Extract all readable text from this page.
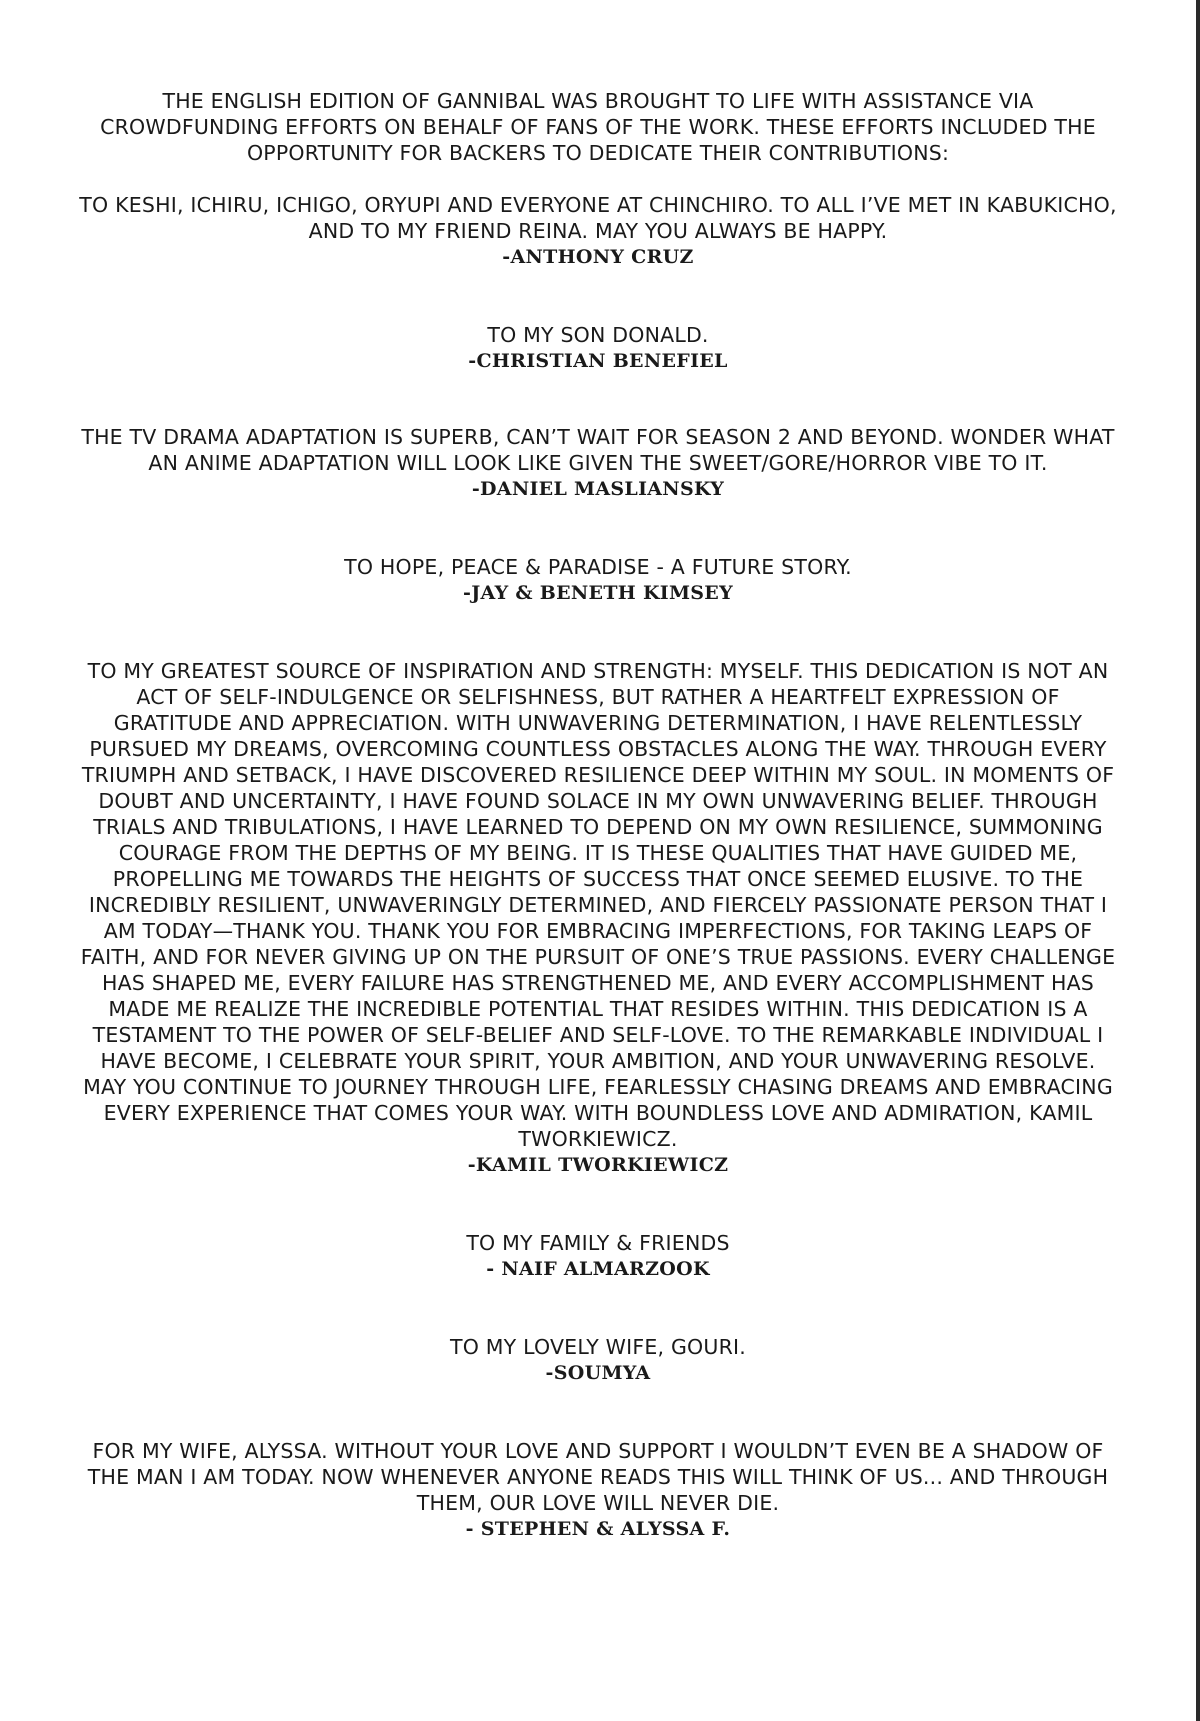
THE ENGLISH EDITION OF GANNIBAL WAS BROUGHT TO LIFE WITH ASSISTANCE VIA CROWDFUNDING EFFORTS ON BEHALF OF FANS OF THE WORK. THESE EFFORTS INCLUDED THE OPPORTUNITY FOR BACKERS TO DEDICATE THEIR CONTRIBUTIONS:

TO KESHI, ICHIRU, ICHIGO, ORYUPI AND EVERYONE AT CHINCHIRO. TO ALL I’VE MET IN KABUKICHO, AND TO MY FRIEND REINA. MAY YOU ALWAYS BE HAPPY.

-ANTHONY CRUZ

TO MY SON DONALD.

-CHRISTIAN BENEFIEL

THE TV DRAMA ADAPTATION IS SUPERB, CAN’T WAIT FOR SEASON 2 AND BEYOND. WONDER WHAT AN ANIME ADAPTATION WILL LOOK LIKE GIVEN THE SWEET/GORE/HORROR VIBE TO IT.

-DANIEL MASLIANSKY

TO HOPE, PEACE & PARADISE - A FUTURE STORY.

-JAY & BENETH KIMSEY

TO MY GREATEST SOURCE OF INSPIRATION AND STRENGTH: MYSELF. THIS DEDICATION IS NOT AN ACT OF SELF-INDULGENCE OR SELFISHNESS, BUT RATHER A HEARTFELT EXPRESSION OF GRATITUDE AND APPRECIATION. WITH UNWAVERING DETERMINATION, I HAVE RELENTLESSLY PURSUED MY DREAMS, OVERCOMING COUNTLESS OBSTACLES ALONG THE WAY. THROUGH EVERY TRIUMPH AND SETBACK, I HAVE DISCOVERED RESILIENCE DEEP WITHIN MY SOUL. IN MOMENTS OF DOUBT AND UNCERTAINTY, I HAVE FOUND SOLACE IN MY OWN UNWAVERING BELIEF. THROUGH TRIALS AND TRIBULATIONS, I HAVE LEARNED TO DEPEND ON MY OWN RESILIENCE, SUMMONING COURAGE FROM THE DEPTHS OF MY BEING. IT IS THESE QUALITIES THAT HAVE GUIDED ME, PROPELLING ME TOWARDS THE HEIGHTS OF SUCCESS THAT ONCE SEEMED ELUSIVE. TO THE INCREDIBLY RESILIENT, UNWAVERINGLY DETERMINED, AND FIERCELY PASSIONATE PERSON THAT I AM TODAY—THANK YOU. THANK YOU FOR EMBRACING IMPERFECTIONS, FOR TAKING LEAPS OF FAITH, AND FOR NEVER GIVING UP ON THE PURSUIT OF ONE’S TRUE PASSIONS. EVERY CHALLENGE HAS SHAPED ME, EVERY FAILURE HAS STRENGTHENED ME, AND EVERY ACCOMPLISHMENT HAS MADE ME REALIZE THE INCREDIBLE POTENTIAL THAT RESIDES WITHIN. THIS DEDICATION IS A TESTAMENT TO THE POWER OF SELF-BELIEF AND SELF-LOVE. TO THE REMARKABLE INDIVIDUAL I HAVE BECOME, I CELEBRATE YOUR SPIRIT, YOUR AMBITION, AND YOUR UNWAVERING RESOLVE. MAY YOU CONTINUE TO JOURNEY THROUGH LIFE, FEARLESSLY CHASING DREAMS AND EMBRACING EVERY EXPERIENCE THAT COMES YOUR WAY. WITH BOUNDLESS LOVE AND ADMIRATION, KAMIL TWORKIEWICZ.

-KAMIL TWORKIEWICZ

TO MY FAMILY & FRIENDS

- NAIF ALMARZOOK

TO MY LOVELY WIFE, GOURI.

-SOUMYA

FOR MY WIFE, ALYSSA. WITHOUT YOUR LOVE AND SUPPORT I WOULDN’T EVEN BE A SHADOW OF THE MAN I AM TODAY. NOW WHENEVER ANYONE READS THIS WILL THINK OF US... AND THROUGH THEM, OUR LOVE WILL NEVER DIE.

- STEPHEN & ALYSSA F.
